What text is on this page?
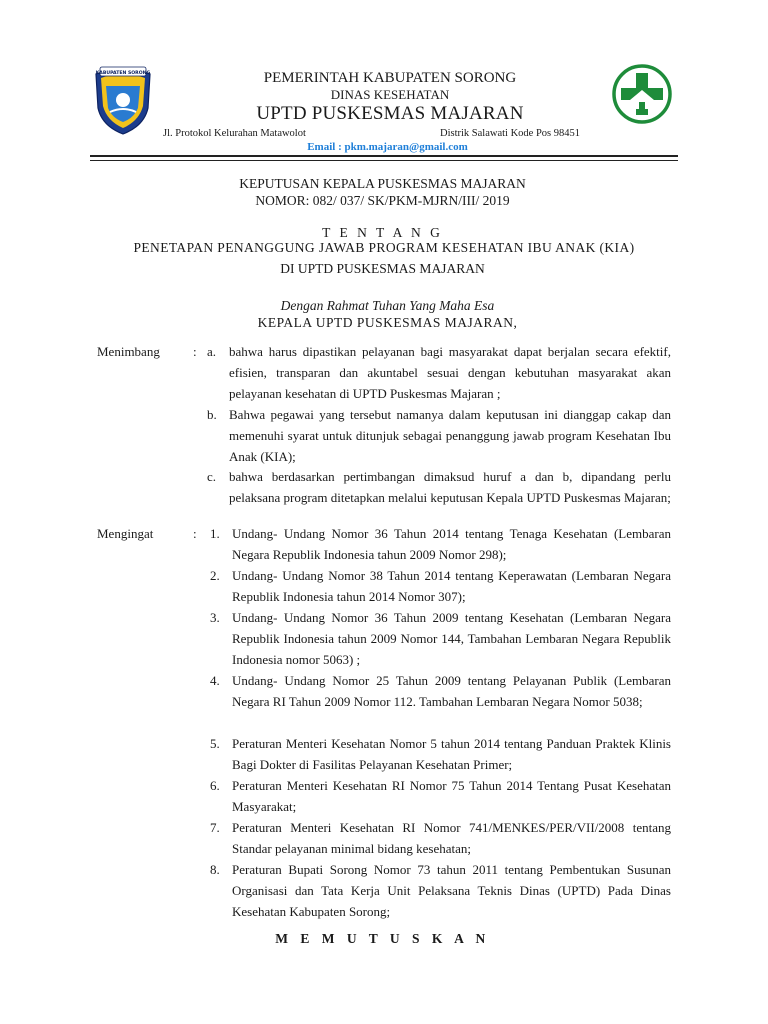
KABUPATEN SORONG	PEMERINTAH KABUPATEN SORONG
DINAS KESEHATAN
UPTD PUSKESMAS MAJARAN
Jl. Protokol Kelurahan Matawolot	Distrik Salawati Kode Pos 98451
Email : pkm.majaran@gmail.com
KEPUTUSAN KEPALA PUSKESMAS MAJARAN
NOMOR: 082/ 037/ SK/PKM-MJRN/III/ 2019
T E N T A N G
PENETAPAN PENANGGUNG JAWAB PROGRAM KESEHATAN IBU ANAK (KIA)
DI UPTD PUSKESMAS MAJARAN
Dengan Rahmat Tuhan Yang Maha Esa
KEPALA UPTD PUSKESMAS MAJARAN,
Menimbang	: a. bahwa harus dipastikan pelayanan bagi masyarakat dapat berjalan secara efektif, efisien, transparan dan akuntabel sesuai dengan kebutuhan masyarakat akan pelayanan kesehatan di UPTD Puskesmas Majaran ;
b. Bahwa pegawai yang tersebut namanya dalam keputusan ini dianggap cakap dan memenuhi syarat untuk ditunjuk sebagai penanggung jawab program Kesehatan Ibu Anak (KIA);
c. bahwa berdasarkan pertimbangan dimaksud huruf a dan b, dipandang perlu pelaksana program ditetapkan melalui keputusan Kepala UPTD Puskesmas Majaran;
Mengingat	: 1. Undang- Undang Nomor 36 Tahun 2014 tentang Tenaga Kesehatan (Lembaran Negara Republik Indonesia tahun 2009 Nomor 298);
2. Undang- Undang Nomor 38 Tahun 2014 tentang Keperawatan (Lembaran Negara Republik Indonesia tahun 2014 Nomor 307);
3. Undang- Undang Nomor 36 Tahun 2009 tentang Kesehatan (Lembaran Negara Republik Indonesia tahun 2009 Nomor 144, Tambahan Lembaran Negara Republik Indonesia nomor 5063) ;
4. Undang- Undang Nomor 25 Tahun 2009 tentang Pelayanan Publik (Lembaran Negara RI Tahun 2009 Nomor 112. Tambahan Lembaran Negara Nomor 5038;
5. Peraturan Menteri Kesehatan Nomor 5 tahun 2014 tentang Panduan Praktek Klinis Bagi Dokter di Fasilitas Pelayanan Kesehatan Primer;
6. Peraturan Menteri Kesehatan RI Nomor 75 Tahun 2014 Tentang Pusat Kesehatan Masyarakat;
7. Peraturan Menteri Kesehatan RI Nomor 741/MENKES/PER/VII/2008 tentang Standar pelayanan minimal bidang kesehatan;
8. Peraturan Bupati Sorong Nomor 73 tahun 2011 tentang Pembentukan Susunan Organisasi dan Tata Kerja Unit Pelaksana Teknis Dinas (UPTD) Pada Dinas Kesehatan Kabupaten Sorong;
M E M U T U S K A N
